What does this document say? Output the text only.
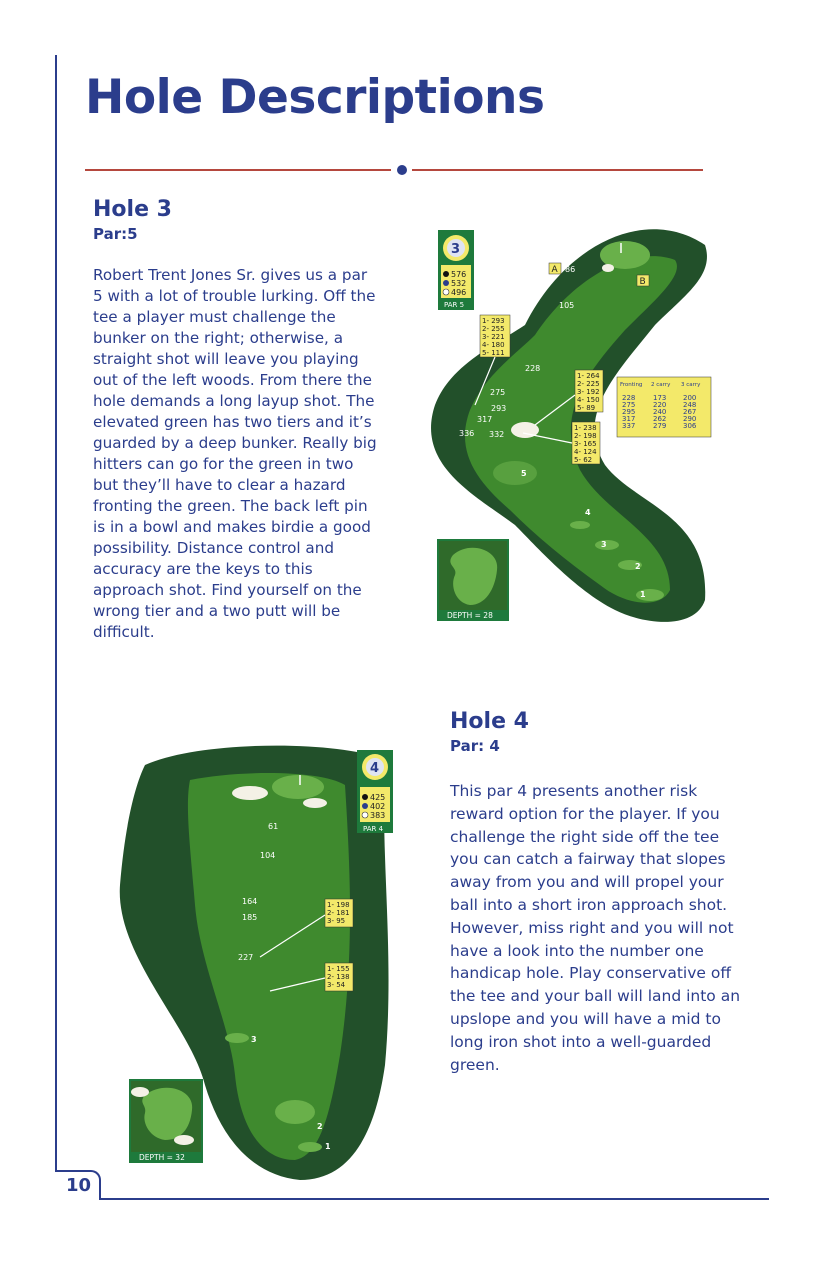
Hole Descriptions
Hole 3
Par:5

Robert Trent Jones Sr. gives us a par 5 with a lot of trouble lurking. Off the tee a player must challenge the bunker on the right; otherwise, a straight shot will leave you playing out of the left woods. From there the hole demands a long layup shot. The elevated green has two tiers and it’s guarded by a deep bunker. Really big hitters can go for the green in two but they’ll have to clear a hazard fronting the green. The back left pin is in a bowl and makes birdie a good possibility. Distance control and accuracy are the keys to this approach shot. Find yourself on the wrong tier and a two putt will be difficult.

A
B
86
105
228
275
293
317
336 332
1
2
3
4
5
3
576
532
496
PAR 5
1- 293
2- 255
3- 221
4- 180
5- 111
1- 264
2- 225
3- 192
4- 150
5- 89
1- 238
2- 198
3- 165
4- 124
5- 62
Fronting 2 carry 3 carry
228	173 200
275	220 248
295	240 267
317	262 290
337	279 306
DEPTH = 28
Hole 4
Par: 4

This par 4 presents another risk reward option for the player. If you challenge the right side off the tee you can catch a fairway that slopes away from you and will propel your ball into a short iron approach shot. However, miss right and you will not have a look into the number one handicap hole. Play conservative off the tee and your ball will land into an upslope and you will have a mid to long iron shot into a well-guarded green.

61
104
164
185
227
3
2
1
4
425
402
383
PAR 4
1- 198
2- 181
3- 95
1- 155
2- 138
3- 54
DEPTH = 32
10
